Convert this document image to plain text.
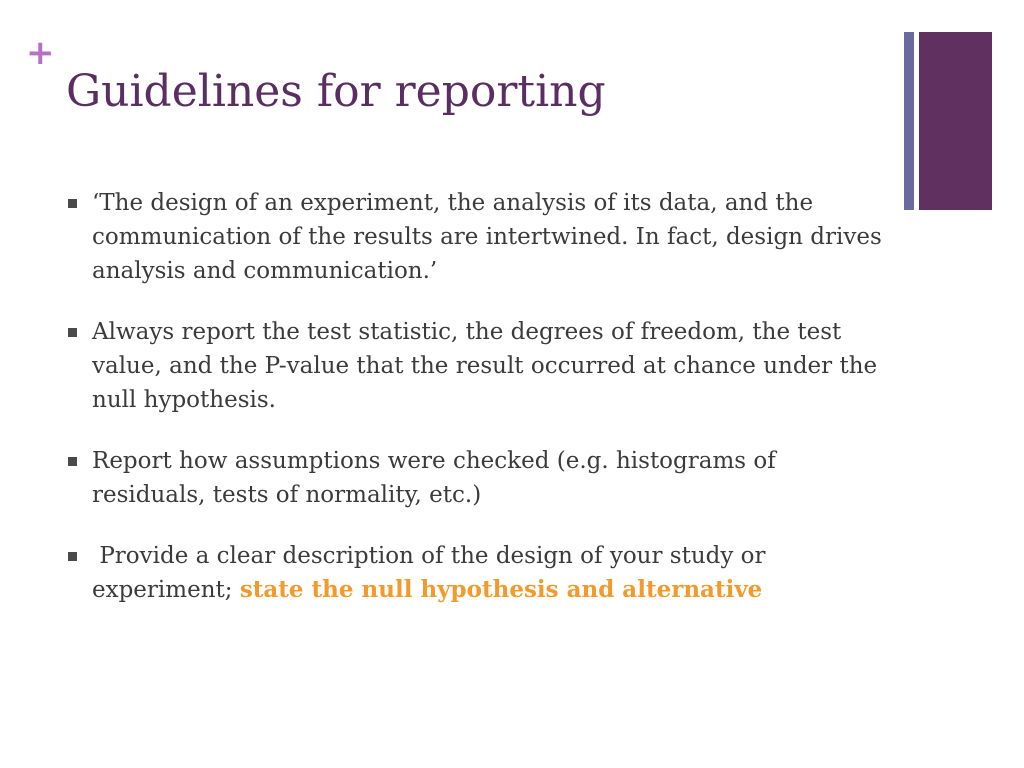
+
Guidelines for reporting
‘The design of an experiment, the analysis of its data, and the communication of the results are intertwined. In fact, design drives analysis and communication.’
Always report the test statistic, the degrees of freedom, the test value, and the P-value that the result occurred at chance under the null hypothesis.
Report how assumptions were checked (e.g. histograms of residuals, tests of normality, etc.)
Provide a clear description of the design of your study or experiment; state the null hypothesis and alternative
